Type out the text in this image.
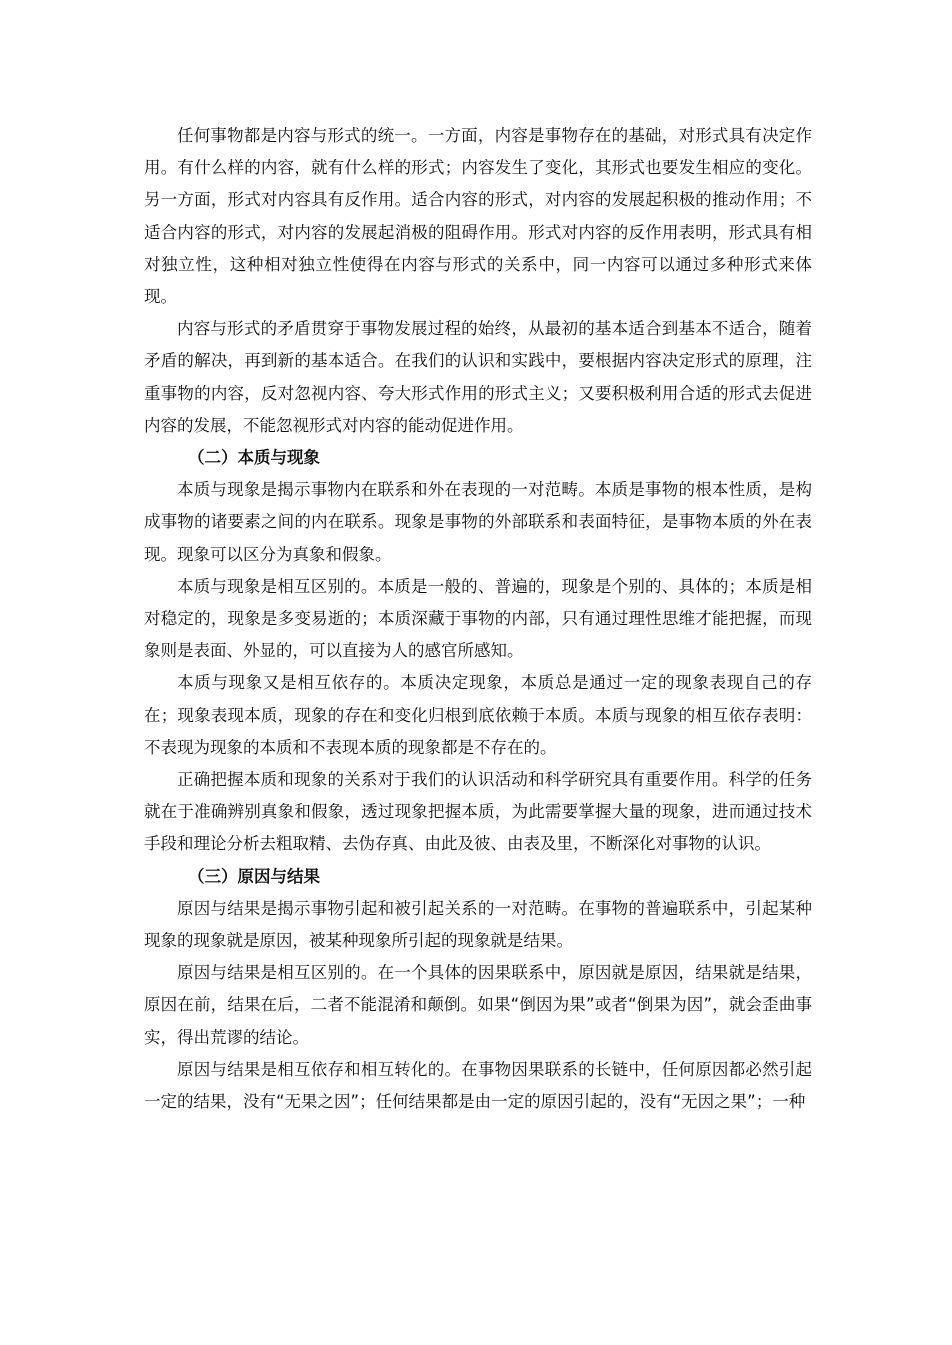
任何事物都是内容与形式的统一。一方面，内容是事物存在的基础，对形式具有决定作用。有什么样的内容，就有什么样的形式；内容发生了变化，其形式也要发生相应的变化。另一方面，形式对内容具有反作用。适合内容的形式，对内容的发展起积极的推动作用；不适合内容的形式，对内容的发展起消极的阻碍作用。形式对内容的反作用表明，形式具有相对独立性，这种相对独立性使得在内容与形式的关系中，同一内容可以通过多种形式来体现。

内容与形式的矛盾贯穿于事物发展过程的始终，从最初的基本适合到基本不适合，随着矛盾的解决，再到新的基本适合。在我们的认识和实践中，要根据内容决定形式的原理，注重事物的内容，反对忽视内容、夸大形式作用的形式主义；又要积极利用合适的形式去促进内容的发展，不能忽视形式对内容的能动促进作用。

（二）本质与现象

本质与现象是揭示事物内在联系和外在表现的一对范畴。本质是事物的根本性质，是构成事物的诸要素之间的内在联系。现象是事物的外部联系和表面特征，是事物本质的外在表现。现象可以区分为真象和假象。

本质与现象是相互区别的。本质是一般的、普遍的，现象是个别的、具体的；本质是相对稳定的，现象是多变易逝的；本质深藏于事物的内部，只有通过理性思维才能把握，而现象则是表面、外显的，可以直接为人的感官所感知。

本质与现象又是相互依存的。本质决定现象，本质总是通过一定的现象表现自己的存在；现象表现本质，现象的存在和变化归根到底依赖于本质。本质与现象的相互依存表明：不表现为现象的本质和不表现本质的现象都是不存在的。

正确把握本质和现象的关系对于我们的认识活动和科学研究具有重要作用。科学的任务就在于准确辨别真象和假象，透过现象把握本质，为此需要掌握大量的现象，进而通过技术手段和理论分析去粗取精、去伪存真、由此及彼、由表及里，不断深化对事物的认识。

（三）原因与结果

原因与结果是揭示事物引起和被引起关系的一对范畴。在事物的普遍联系中，引起某种现象的现象就是原因，被某种现象所引起的现象就是结果。

原因与结果是相互区别的。在一个具体的因果联系中，原因就是原因，结果就是结果，原因在前，结果在后，二者不能混淆和颠倒。如果“倒因为果”或者“倒果为因”，就会歪曲事实，得出荒谬的结论。

原因与结果是相互依存和相互转化的。在事物因果联系的长链中，任何原因都必然引起一定的结果，没有“无果之因”；任何结果都是由一定的原因引起的，没有“无因之果”；一种
